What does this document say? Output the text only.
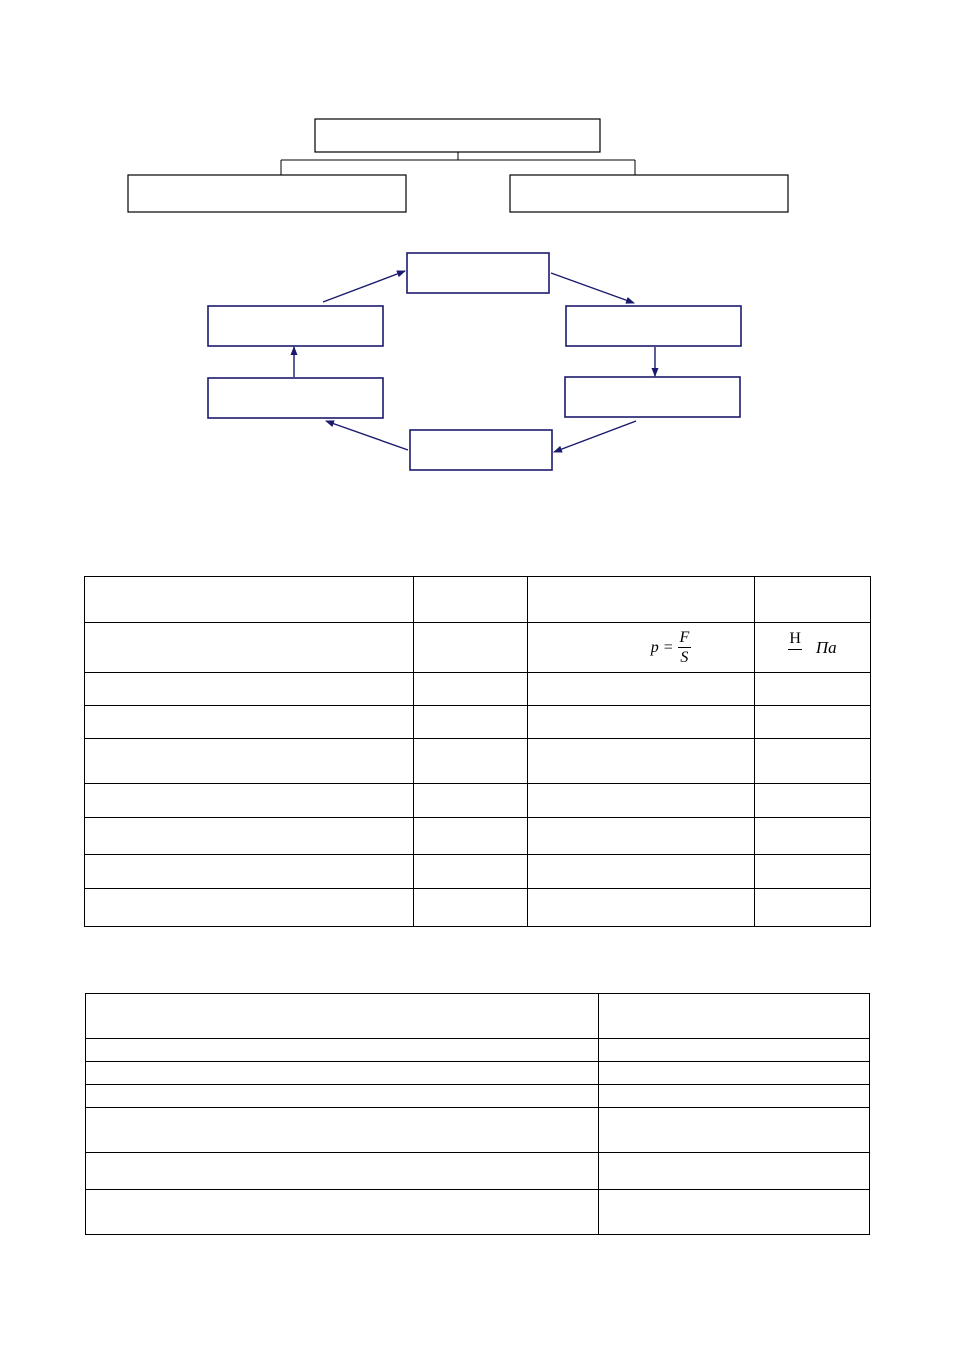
		$p = \frac{F}{S}$	Н Па
